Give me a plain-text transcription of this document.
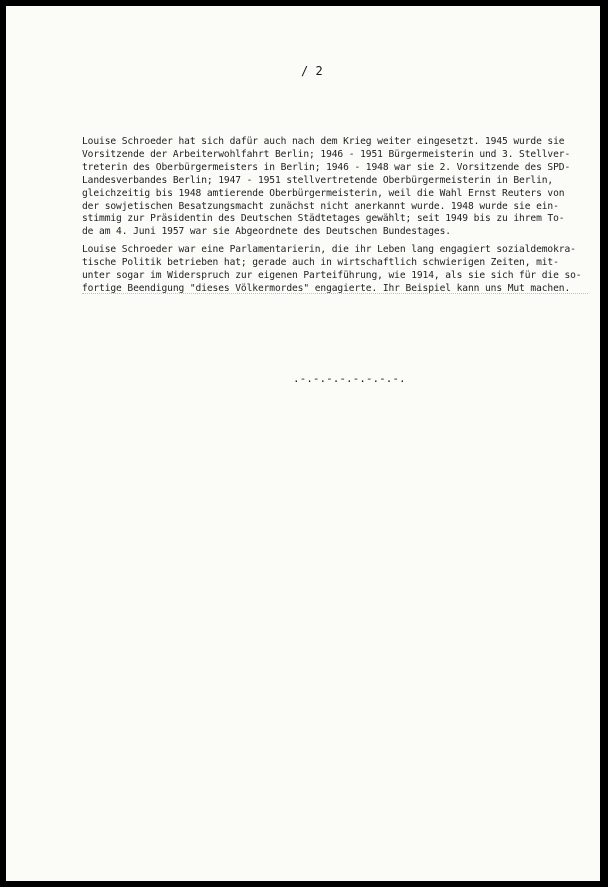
/ 2

Louise Schroeder hat sich dafür auch nach dem Krieg weiter eingesetzt. 1945 wurde sie
Vorsitzende der Arbeiterwohlfahrt Berlin; 1946 - 1951 Bürgermeisterin und 3. Stellver-
treterin des Oberbürgermeisters in Berlin; 1946 - 1948 war sie 2. Vorsitzende des SPD-
Landesverbandes Berlin; 1947 - 1951 stellvertretende Oberbürgermeisterin in Berlin,
gleichzeitig bis 1948 amtierende Oberbürgermeisterin, weil die Wahl Ernst Reuters von
der sowjetischen Besatzungsmacht zunächst nicht anerkannt wurde. 1948 wurde sie ein-
stimmig zur Präsidentin des Deutschen Städtetages gewählt; seit 1949 bis zu ihrem To-
de am 4. Juni 1957 war sie Abgeordnete des Deutschen Bundestages.

Louise Schroeder war eine Parlamentarierin, die ihr Leben lang engagiert sozialdemokra-
tische Politik betrieben hat; gerade auch in wirtschaftlich schwierigen Zeiten, mit-
unter sogar im Widerspruch zur eigenen Parteiführung, wie 1914, als sie sich für die so-
fortige Beendigung "dieses Völkermordes" engagierte. Ihr Beispiel kann uns Mut machen.

.-.-.-.-.-.-.-.-.
